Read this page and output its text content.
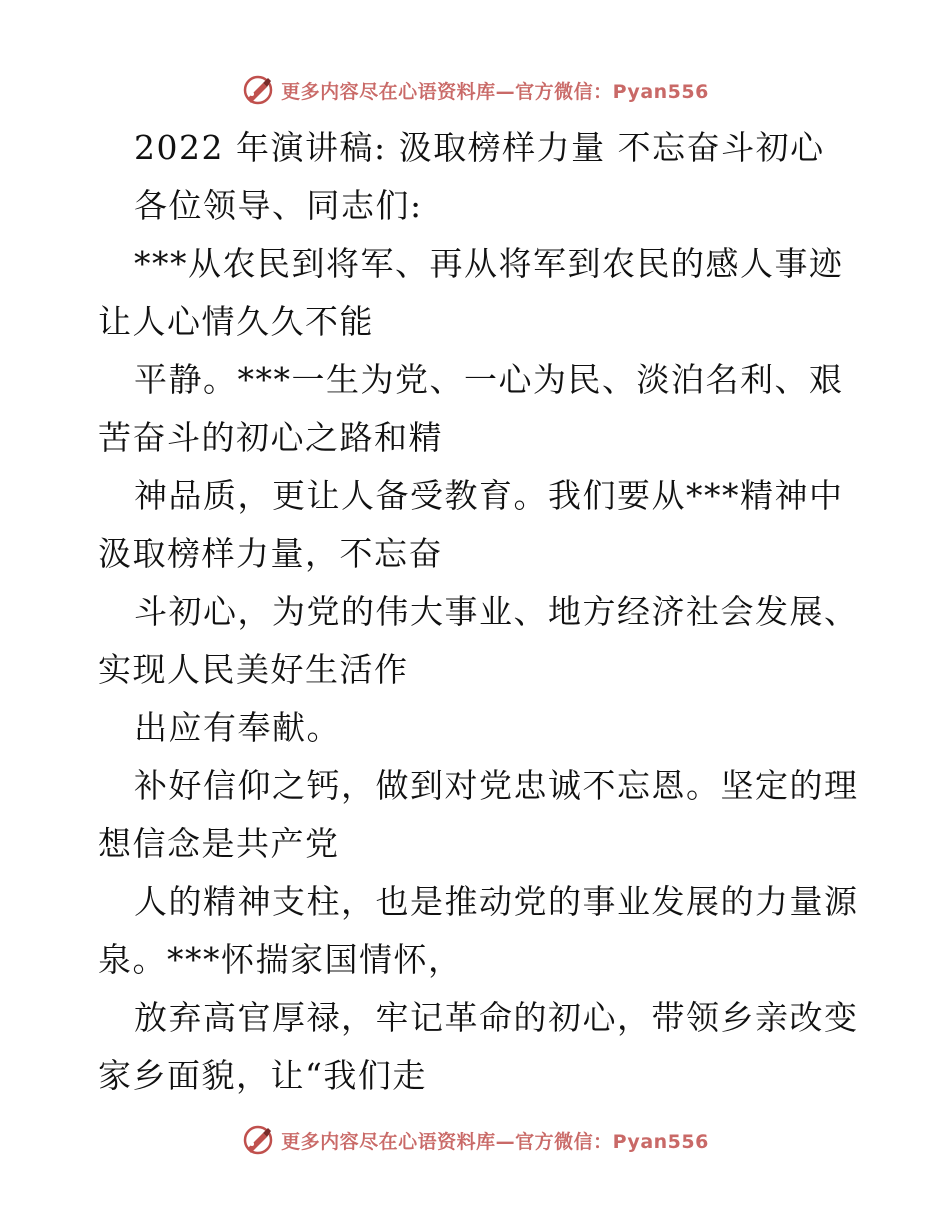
更多内容尽在心语资料库—官方微信：Pyan556
2022 年演讲稿: 汲取榜样力量 不忘奋斗初心
各位领导、同志们:
***从农民到将军、再从将军到农民的感人事迹
让人心情久久不能
平静。***一生为党、一心为民、淡泊名利、艰
苦奋斗的初心之路和精
神品质，更让人备受教育。我们要从***精神中
汲取榜样力量，不忘奋
斗初心，为党的伟大事业、地方经济社会发展、
实现人民美好生活作
出应有奉献。
补好信仰之钙，做到对党忠诚不忘恩。坚定的理
想信念是共产党
人的精神支柱，也是推动党的事业发展的力量源
泉。***怀揣家国情怀，
放弃高官厚禄，牢记革命的初心，带领乡亲改变
家乡面貌，让“我们走
更多内容尽在心语资料库—官方微信：Pyan556
